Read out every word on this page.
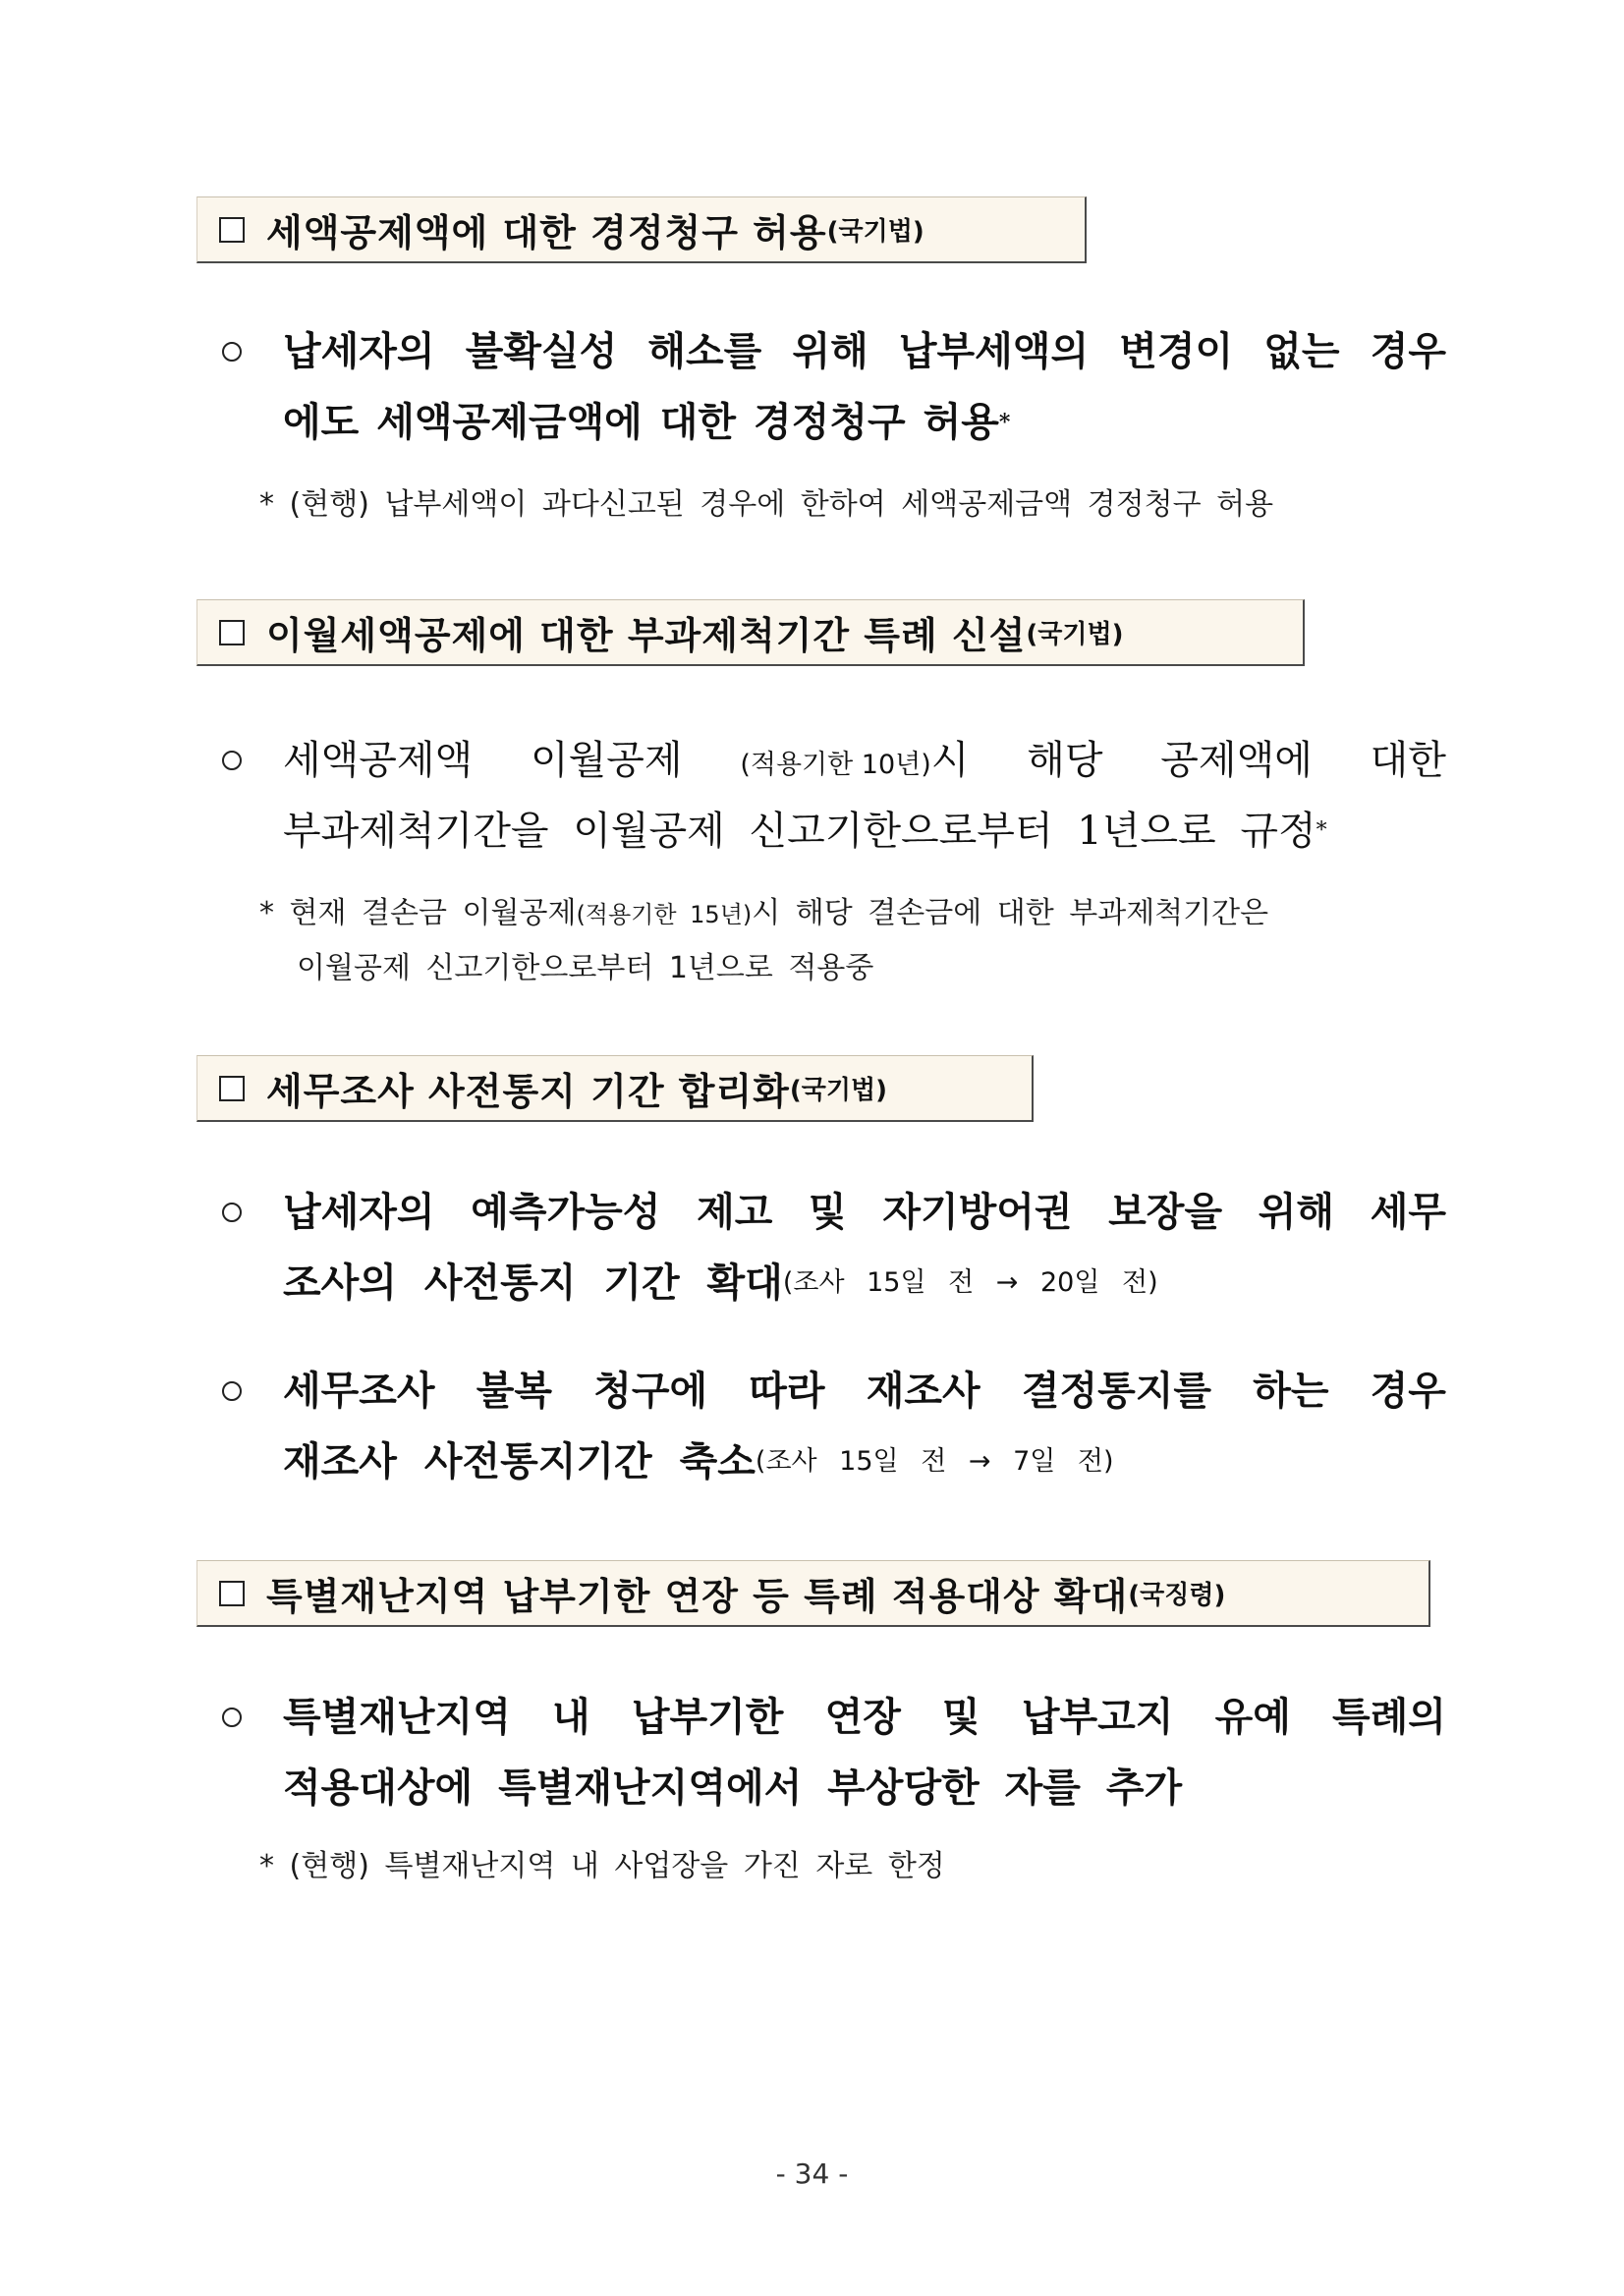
세액공제액에 대한 경정청구 허용 (국기법)
납세자의 불확실성 해소를 위해 납부세액의 변경이 없는 경우
에도 세액공제금액에 대한 경정청구 허용 *
* (현행) 납부세액이 과다신고된 경우에 한하여 세액공제금액 경정청구 허용
이월세액공제에 대한 부과제척기간 특례 신설 (국기법)
세액공제액 이월공제 (적용기한 10년)시 해당 공제액에 대한
부과제척기간을 이월공제 신고기한으로부터 1년으로 규정 *
* 현재 결손금 이월공제(적용기한 15년)시 해당 결손금에 대한 부과제척기간은
이월공제 신고기한으로부터 1년으로 적용중
세무조사 사전통지 기간 합리화 (국기법)
납세자의 예측가능성 제고 및 자기방어권 보장을 위해 세무
조사의 사전통지 기간 확대 (조사 15일 전 → 20일 전)
세무조사 불복 청구에 따라 재조사 결정통지를 하는 경우
재조사 사전통지기간 축소 (조사 15일 전 → 7일 전)
특별재난지역 납부기한 연장 등 특례 적용대상 확대 (국징령)
특별재난지역 내 납부기한 연장 및 납부고지 유예 특례의
적용대상에 특별재난지역에서 부상당한 자를 추가
* (현행) 특별재난지역 내 사업장을 가진 자로 한정
- 34 -
